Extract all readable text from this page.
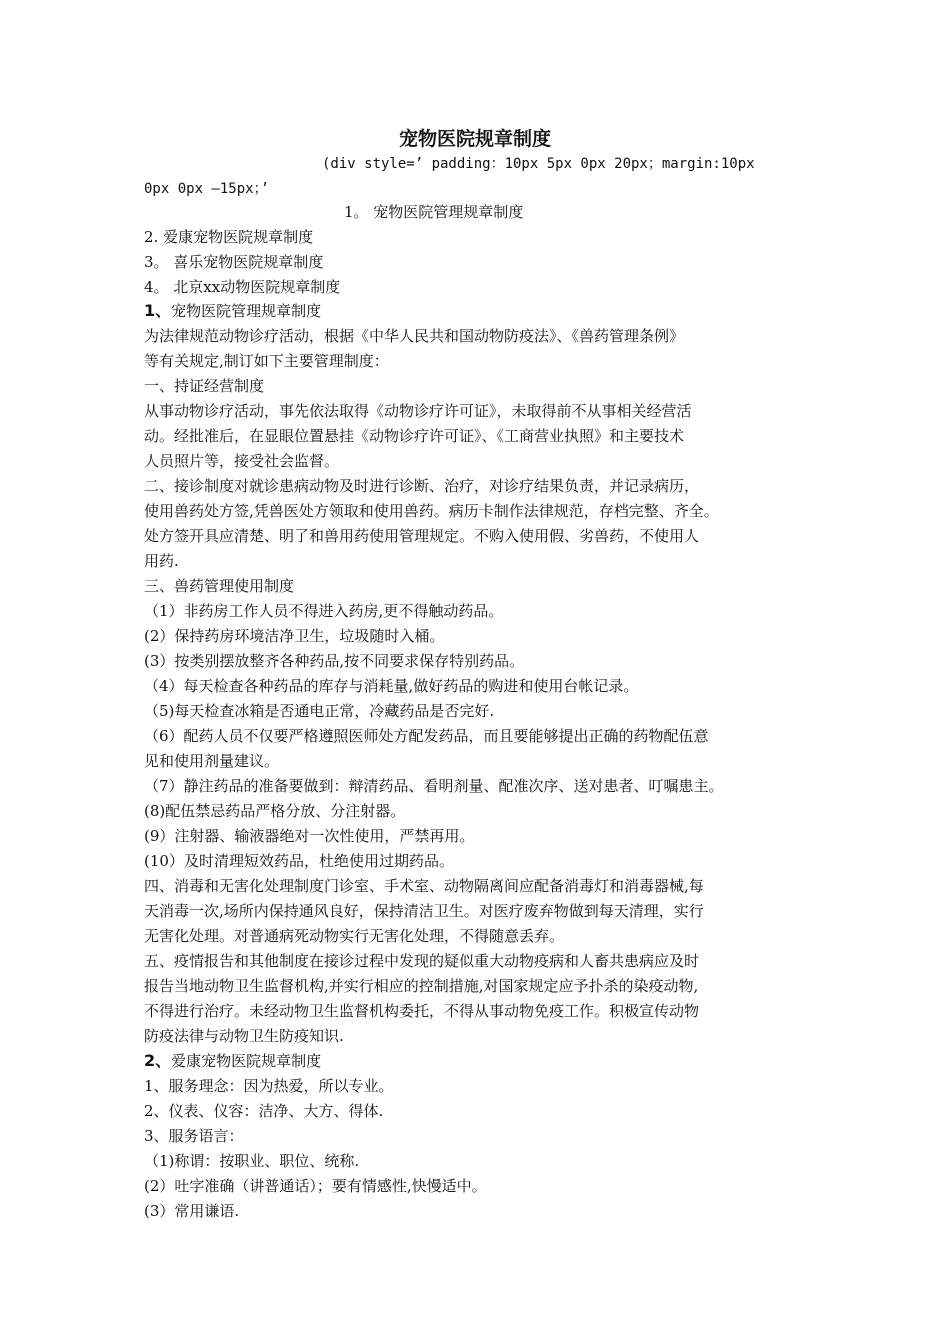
宠物医院规章制度
(div style=’ padding：10px 5px 0px 20px；margin:10px
0px 0px —15px；’
1。 宠物医院管理规章制度
2. 爱康宠物医院规章制度
3。 喜乐宠物医院规章制度
4。 北京xx动物医院规章制度
1、宠物医院管理规章制度
为法律规范动物诊疗活动，根据《中华人民共和国动物防疫法》、《兽药管理条例》
等有关规定,制订如下主要管理制度：
一、持证经营制度
从事动物诊疗活动，事先依法取得《动物诊疗许可证》，未取得前不从事相关经营活
动。经批准后，在显眼位置悬挂《动物诊疗许可证》、《工商营业执照》和主要技术
人员照片等，接受社会监督。
二、接诊制度对就诊患病动物及时进行诊断、治疗，对诊疗结果负责，并记录病历，
使用兽药处方签,凭兽医处方领取和使用兽药。病历卡制作法律规范，存档完整、齐全。
处方签开具应清楚、明了和兽用药使用管理规定。不购入使用假、劣兽药，不使用人
用药.
三、兽药管理使用制度
（1）非药房工作人员不得进入药房,更不得触动药品。
(2）保持药房环境洁净卫生，垃圾随时入桶。
(3）按类别摆放整齐各种药品,按不同要求保存特别药品。
（4）每天检查各种药品的库存与消耗量,做好药品的购进和使用台帐记录。
（5)每天检查冰箱是否通电正常，冷藏药品是否完好.
（6）配药人员不仅要严格遵照医师处方配发药品，而且要能够提出正确的药物配伍意
见和使用剂量建议。
（7）静注药品的准备要做到：辩清药品、看明剂量、配准次序、送对患者、叮嘱患主。
(8)配伍禁忌药品严格分放、分注射器。
(9）注射器、输液器绝对一次性使用，严禁再用。
(10）及时清理短效药品，杜绝使用过期药品。
四、消毒和无害化处理制度门诊室、手术室、动物隔离间应配备消毒灯和消毒器械,每
天消毒一次,场所内保持通风良好，保持清洁卫生。对医疗废弃物做到每天清理，实行
无害化处理。对普通病死动物实行无害化处理，不得随意丢弃。
五、疫情报告和其他制度在接诊过程中发现的疑似重大动物疫病和人畜共患病应及时
报告当地动物卫生监督机构,并实行相应的控制措施,对国家规定应予扑杀的染疫动物,
不得进行治疗。未经动物卫生监督机构委托，不得从事动物免疫工作。积极宣传动物
防疫法律与动物卫生防疫知识.
2、爱康宠物医院规章制度
1、服务理念：因为热爱，所以专业。
2、仪表、仪容：洁净、大方、得体.
3、服务语言：
（1)称谓：按职业、职位、统称.
(2）吐字准确（讲普通话）；要有情感性,快慢适中。
(3）常用谦语.
